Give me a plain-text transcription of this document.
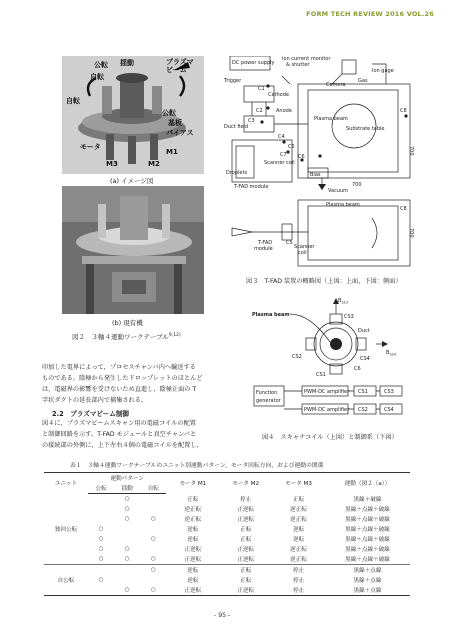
FORM TECH REVIEW 2016 VOL.26
自転
公転 揺動	プラズマビーム
自転
公転
基板
バイアス
モータ
M1
M2
M3
(a) イメージ図
(b) 現有機
図２　３軸４運動ワークテーブル$^{9,12)}$
DC power supply
ion current monitor
& shutter
Ion gage
Gas
Camera
Trigger
Cathode
Anode
Plasma beam
Substrate table
Duct field
Scanner coil
Droplets	Bias
T-FAD module
Vacuum
700
700
C1
C2
C3
C4
C5
C6
C7
C8
Plasma beam
T-FAD
module	Scanner
coil
C5
C8
700
図３　T-FAD 装置の概略図（上図：上面，下図：側面）
$B_{S13}$
$B_{S24}$
CS3
Duct
Plasma beam
CS2
CS1
CS4
C6
Function
generator
PWM-DC amplifier
PWM-DC amplifier
CS1	CS3
CS2	CS4
図４　スキャナコイル（上図）と制御系（下図）
印加した電界によって，プロセスチャンバ内へ輸送する
ものである。陰極から発生したドロップレットのほとんど
は，電磁界の影響を受けないため直進し，陰極正面の T
字状ダクトの延長部内で捕集される。
2.2　プラズマビーム制御
図４に，プラズマビームスキャン用の電磁コイルの配置
と制御回路を示す。T-FAD モジュールと真空チャンバと
の接続部の外側に，上下左右４個の電磁コイルを配置し，
表１　３軸４運動ワークテーブルのユニット別運動パターン，モータ回転方向，および運動の関係
ユニット	運動パターン			モータ M1	モータ M2	モータ M3	運動（図２（a））
	公転	揺動	自転				
		○		正転	停止	正転	黒線＋破線
		○		逆正転	正逆転	逆正転	黒線＋点線＋破線
		○	○	逆正転	正逆転	逆正転	黒線＋点線＋破線
独回公転	○			逆転	正転	逆転	黒線＋点線＋破線
	○		○	逆転	正転	逆転	黒線＋点線＋破線
	○	○		正逆転	正逆転	逆正転	黒線＋点線＋破線
	○	○	○	正逆転	正逆転	逆正転	黒線＋点線＋破線
			○	逆転	正転	停止	黒線＋点線
自公転	○			逆転	正転	停止	黒線＋点線
		○	○	正逆転	正逆転	停止	黒線＋点線
- 95 -
